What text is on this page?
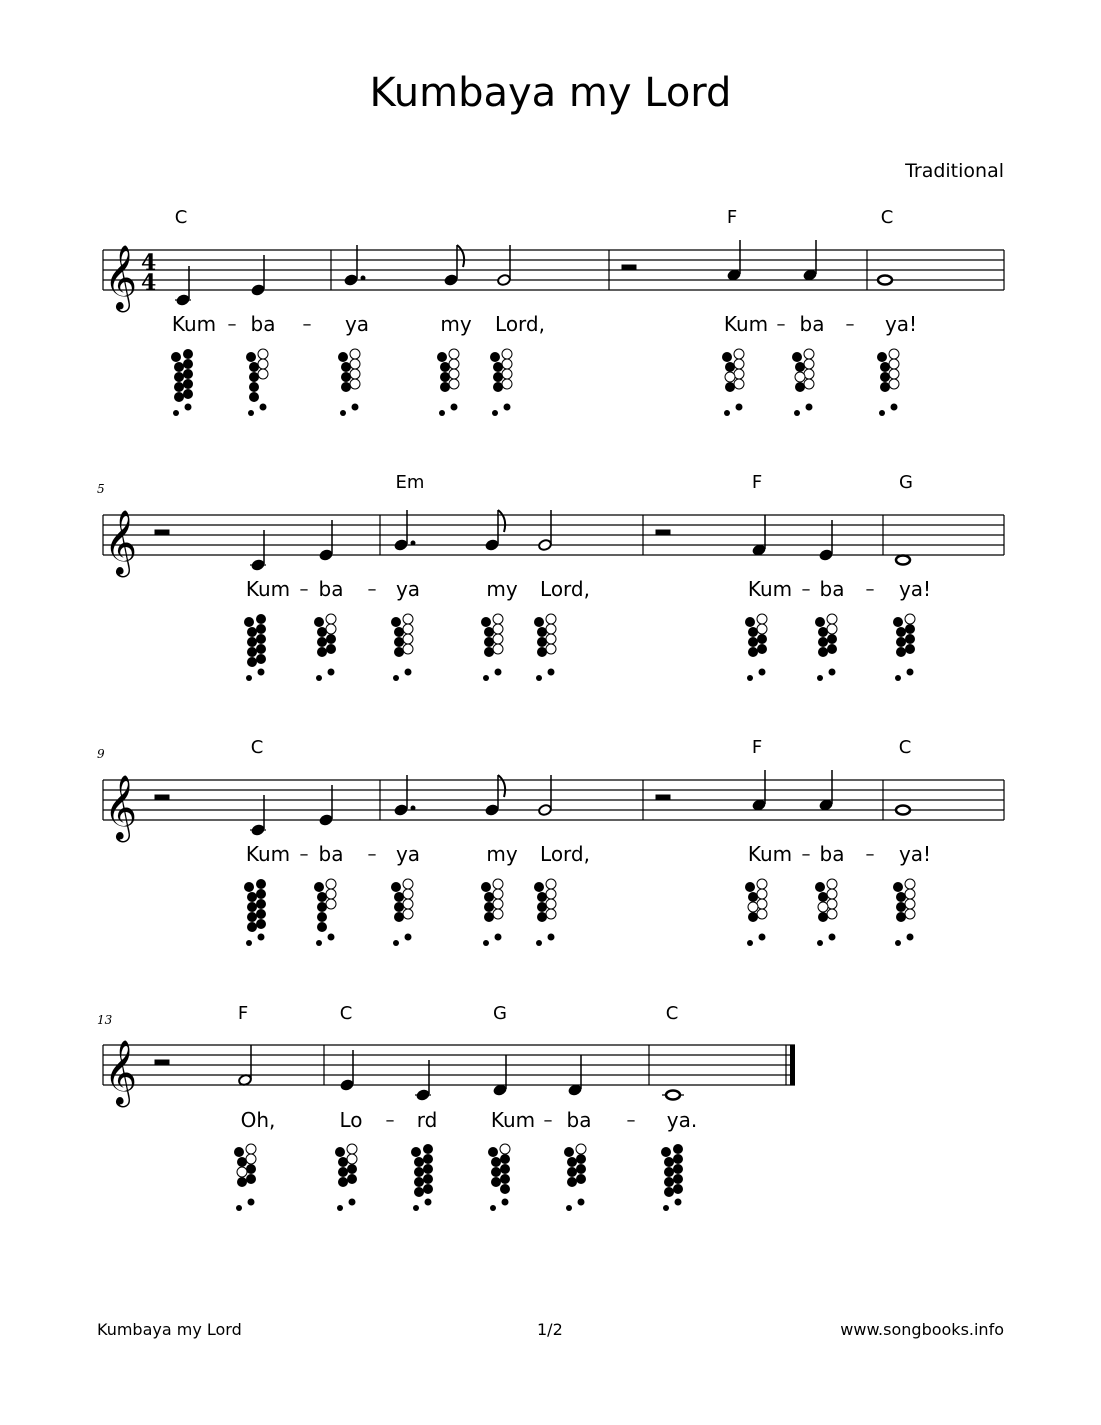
Kumbaya my Lord
Traditional
C	F	C
𝄞 4
4
Kum – ba – ya	my Lord,	Kum – ba – ya!
5	Em	F	G
𝄞
Kum – ba – ya	my Lord,	Kum – ba – ya!
9	C	F	C
𝄞
Kum – ba – ya	my Lord,	Kum – ba – ya!
13	F	C	G	C
𝄞
Oh,	Lo – rd	Kum – ba – ya.
Kumbaya my Lord	1/2	www.songbooks.info
